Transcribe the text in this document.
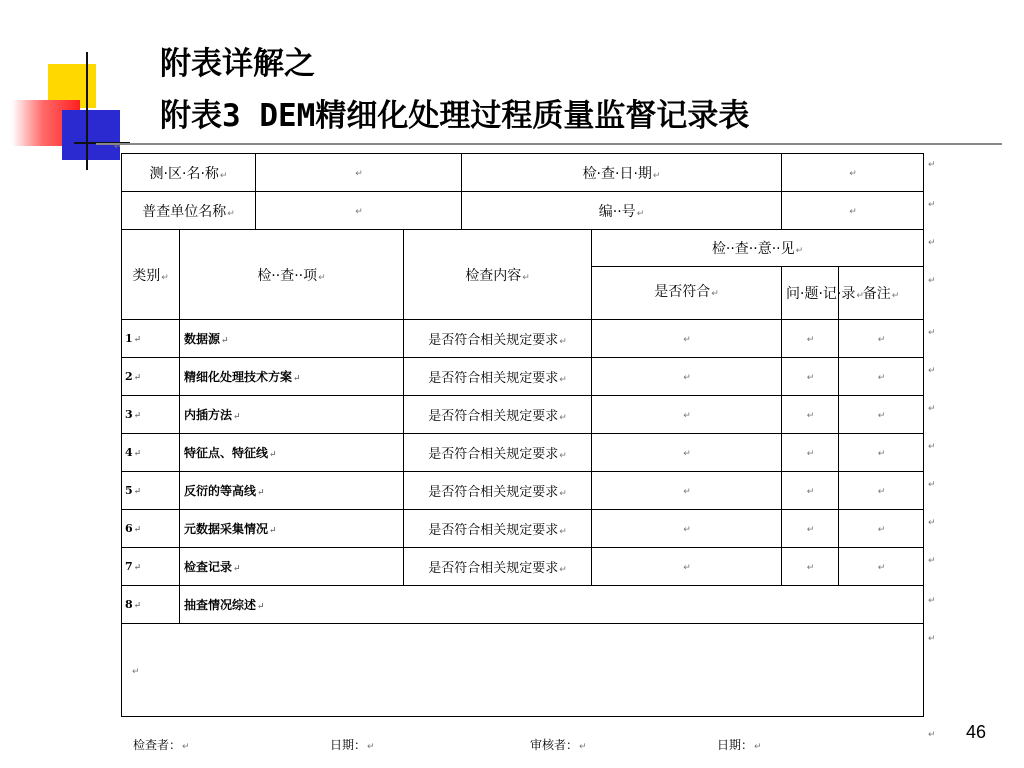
附表详解之
附表3 DEM精细化处理过程质量监督记录表
测·区·名·称↵		↵		检·查·日·期↵		↵	
普查单位名称↵		↵		编··号↵		↵	
类别↵	检··查··项↵		检查内容↵		检··查··意··见↵		

					是否符合↵	问·题·记·录↵	备注↵
1↵	数据源↵		是否符合相关规定要求↵		↵	↵	↵
2↵	精细化处理技术方案↵		是否符合相关规定要求↵		↵	↵	↵
3↵	内插方法↵		是否符合相关规定要求↵		↵	↵	↵
4↵	特征点、特征线↵		是否符合相关规定要求↵		↵	↵	↵
5↵	反衍的等高线↵		是否符合相关规定要求↵		↵	↵	↵
6↵	元数据采集情况↵		是否符合相关规定要求↵		↵	↵	↵
7↵	检查记录↵		是否符合相关规定要求↵		↵	↵	↵
8↵	抽查情况综述↵						
↵							
↵
↵
↵
↵
↵
↵
↵
↵
↵
↵
↵
↵
↵
↵
↵
检查者：↵	日期：↵	审核者：↵	日期：↵
46
